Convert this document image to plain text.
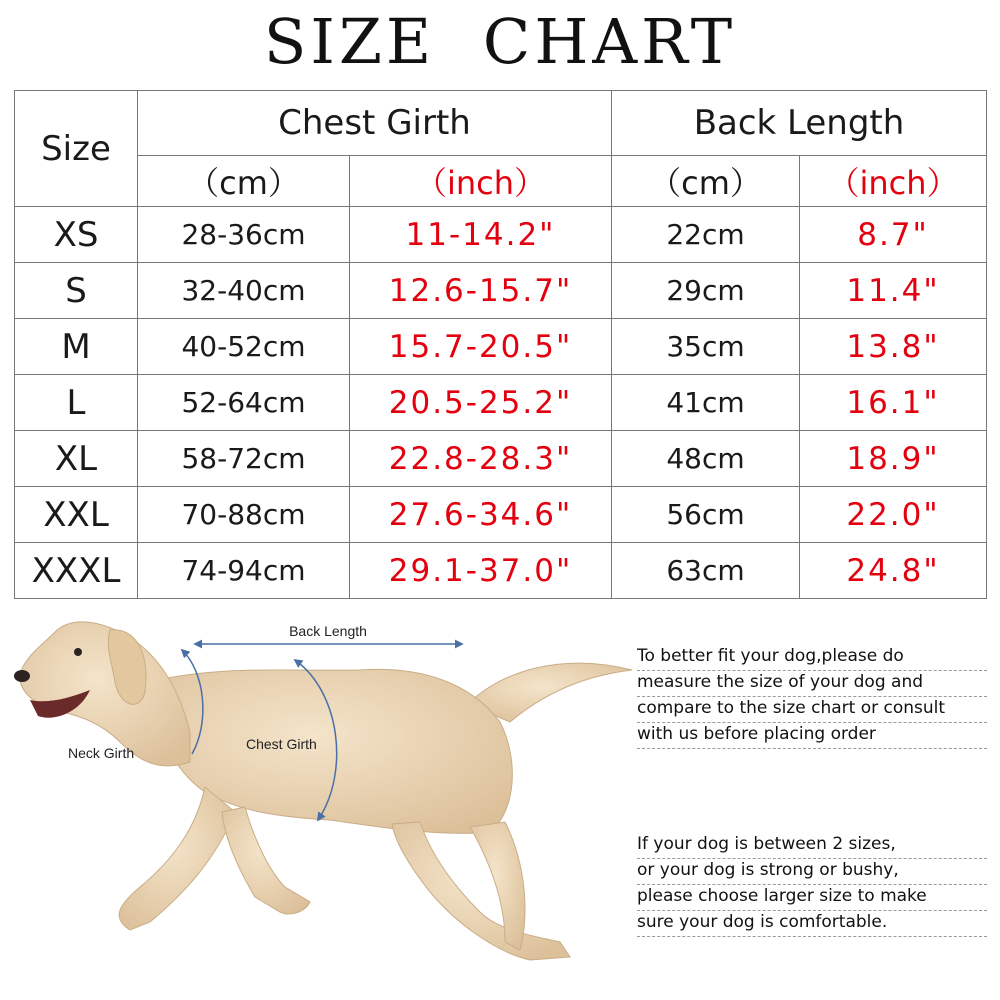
SIZE CHART
Size	Chest Girth		Back Length	
	（cm）	（inch）	（cm）	（inch）
XS	28-36cm	11-14.2"	22cm	8.7"
S	32-40cm	12.6-15.7"	29cm	11.4"
M	40-52cm	15.7-20.5"	35cm	13.8"
L	52-64cm	20.5-25.2"	41cm	16.1"
XL	58-72cm	22.8-28.3"	48cm	18.9"
XXL	70-88cm	27.6-34.6"	56cm	22.0"
XXXL	74-94cm	29.1-37.0"	63cm	24.8"
Back Length
Neck Girth
Chest Girth
To better fit your dog,please do
measure the size of your dog and
compare to the size chart or consult
with us before placing order
If your dog is between 2 sizes,
or your dog is strong or bushy,
please choose larger size to make
sure your dog is comfortable.
